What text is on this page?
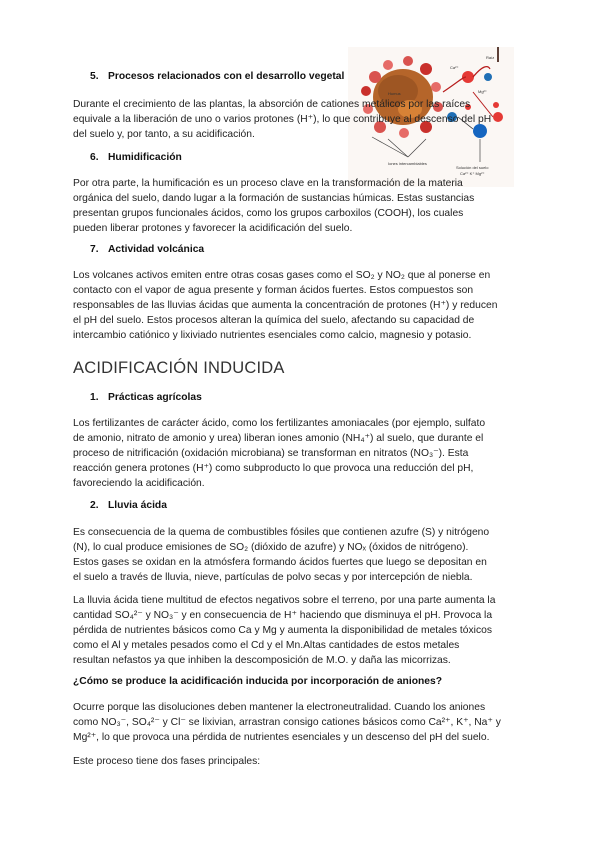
Humus
Raíz
Ca²⁺
Mg²⁺
Iones intercambiables
Solución del suelo
Ca²⁺ K⁺ Mg²⁺
5. Procesos relacionados con el desarrollo vegetal
Durante el crecimiento de las plantas, la absorción de cationes metálicos por las raíces
equivale a la liberación de uno o varios protones (H⁺), lo que contribuye al descenso del pH
del suelo y, por tanto, a su acidificación.
6. Humidificación
Por otra parte, la humificación es un proceso clave en la transformación de la materia
orgánica del suelo, dando lugar a la formación de sustancias húmicas. Estas sustancias
presentan grupos funcionales ácidos, como los grupos carboxilos (COOH), los cuales
pueden liberar protones y favorecer la acidificación del suelo.
7. Actividad volcánica
Los volcanes activos emiten entre otras cosas gases como el SO₂ y NO₂ que al ponerse en
contacto con el vapor de agua presente y forman ácidos fuertes. Estos compuestos son
responsables de las lluvias ácidas que aumenta la concentración de protones (H⁺) y reducen
el pH del suelo. Estos procesos alteran la química del suelo, afectando su capacidad de
intercambio catiónico y lixiviado nutrientes esenciales como calcio, magnesio y potasio.
ACIDIFICACIÓN INDUCIDA
1. Prácticas agrícolas
Los fertilizantes de carácter ácido, como los fertilizantes amoniacales (por ejemplo, sulfato
de amonio, nitrato de amonio y urea) liberan iones amonio (NH₄⁺) al suelo, que durante el
proceso de nitrificación (oxidación microbiana) se transforman en nitratos (NO₃⁻). Esta
reacción genera protones (H⁺) como subproducto lo que provoca una reducción del pH,
favoreciendo la acidificación.
2. Lluvia ácida
Es consecuencia de la quema de combustibles fósiles que contienen azufre (S) y nitrógeno
(N), lo cual produce emisiones de SO₂ (dióxido de azufre) y NOₓ (óxidos de nitrógeno).
Estos gases se oxidan en la atmósfera formando ácidos fuertes que luego se depositan en
el suelo a través de lluvia, nieve, partículas de polvo secas y por intercepción de niebla.
La lluvia ácida tiene multitud de efectos negativos sobre el terreno, por una parte aumenta la
cantidad SO₄²⁻ y NO₃⁻ y en consecuencia de H⁺ haciendo que disminuya el pH. Provoca la
pérdida de nutrientes básicos como Ca y Mg y aumenta la disponibilidad de metales tóxicos
como el Al y metales pesados como el Cd y el Mn.Altas cantidades de estos metales
resultan nefastos ya que inhiben la descomposición de M.O. y daña las micorrizas.
¿Cómo se produce la acidificación inducida por incorporación de aniones?
Ocurre porque las disoluciones deben mantener la electroneutralidad. Cuando los aniones
como NO₃⁻, SO₄²⁻ y Cl⁻ se lixivian, arrastran consigo cationes básicos como Ca²⁺, K⁺, Na⁺ y
Mg²⁺, lo que provoca una pérdida de nutrientes esenciales y un descenso del pH del suelo.
Este proceso tiene dos fases principales:
